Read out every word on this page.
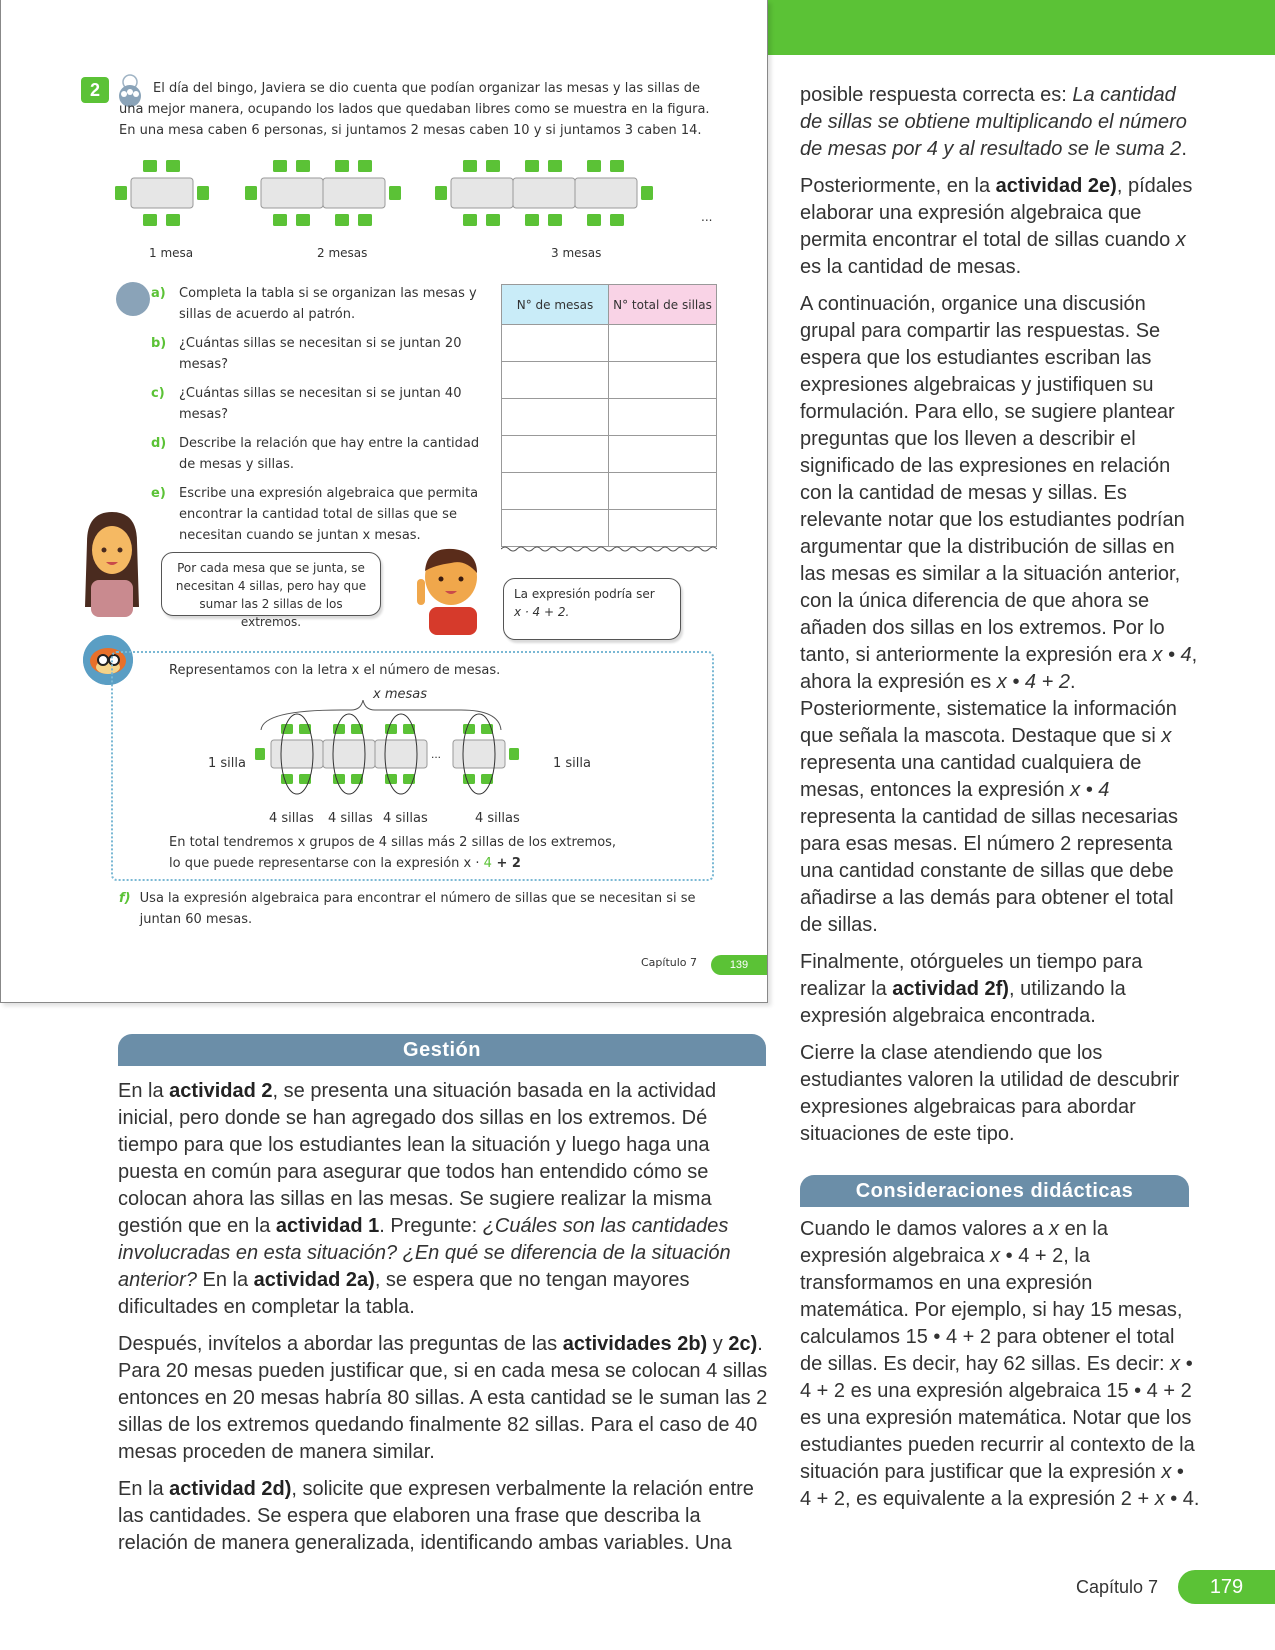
2	El día del bingo, Javiera se dio cuenta que podían organizar las mesas y las sillas de una mejor manera, ocupando los lados que quedaban libres como se muestra en la figura. En una mesa caben 6 personas, si juntamos 2 mesas caben 10 y si juntamos 3 caben 14.

1 mesa	2 mesas	3 mesas
...
a)	Completa la tabla si se organizan las mesas y sillas de acuerdo al patrón.
b) ¿Cuántas sillas se necesitan si se juntan 20 mesas?
c)	¿Cuántas sillas se necesitan si se juntan 40 mesas?
d) Describe la relación que hay entre la cantidad de mesas y sillas.
e)	Escribe una expresión algebraica que permita encontrar la cantidad total de sillas que se necesitan cuando se juntan x mesas.
N° de mesas	N° total de sillas

Por cada mesa que se junta, se necesitan 4 sillas, pero hay que sumar las 2 sillas de los extremos.
La expresión podría ser
x · 4 + 2.
Representamos con la letra x el número de mesas.
x mesas
...
1 silla	1 silla
4 sillas 4 sillas 4 sillas	4 sillas
En total tendremos x grupos de 4 sillas más 2 sillas de los extremos,
lo que puede representarse con la expresión x · 4 + 2
f) Usa la expresión algebraica para encontrar el número de sillas que se necesitan si se juntan 60 mesas.
Capítulo 7	139
Gestión

En la actividad 2, se presenta una situación basada en la actividad inicial, pero donde se han agregado dos sillas en los extremos. Dé tiempo para que los estudiantes lean la situación y luego haga una puesta en común para asegurar que todos han entendido cómo se colocan ahora las sillas en las mesas. Se sugiere realizar la misma gestión que en la actividad 1. Pregunte: ¿Cuáles son las cantidades involucradas en esta situación? ¿En qué se diferencia de la situación anterior? En la actividad 2a), se espera que no tengan mayores dificultades en completar la tabla.

Después, invítelos a abordar las preguntas de las actividades 2b) y 2c). Para 20 mesas pueden justificar que, si en cada mesa se colocan 4 sillas entonces en 20 mesas habría 80 sillas. A esta cantidad se le suman las 2 sillas de los extremos quedando finalmente 82 sillas. Para el caso de 40 mesas proceden de manera similar.

En la actividad 2d), solicite que expresen verbalmente la relación entre las cantidades. Se espera que elaboren una frase que describa la relación de manera generalizada, identificando ambas variables. Una

posible respuesta correcta es: La cantidad de sillas se obtiene multiplicando el número de mesas por 4 y al resultado se le suma 2.

Posteriormente, en la actividad 2e), pídales elaborar una expresión algebraica que permita encontrar el total de sillas cuando x es la cantidad de mesas.

A continuación, organice una discusión grupal para compartir las respuestas. Se espera que los estudiantes escriban las expresiones algebraicas y justifiquen su formulación. Para ello, se sugiere plantear preguntas que los lleven a describir el significado de las expresiones en relación con la cantidad de mesas y sillas. Es relevante notar que los estudiantes podrían argumentar que la distribución de sillas en las mesas es similar a la situación anterior, con la única diferencia de que ahora se añaden dos sillas en los extremos. Por lo tanto, si anteriormente la expresión era x • 4, ahora la expresión es x • 4 + 2. Posteriormente, sistematice la información que señala la mascota. Destaque que si x representa una cantidad cualquiera de mesas, entonces la expresión x • 4 representa la cantidad de sillas necesarias para esas mesas. El número 2 representa una cantidad constante de sillas que debe añadirse a las demás para obtener el total de sillas.

Finalmente, otórgueles un tiempo para realizar la actividad 2f), utilizando la expresión algebraica encontrada.

Cierre la clase atendiendo que los estudiantes valoren la utilidad de descubrir expresiones algebraicas para abordar situaciones de este tipo.

Consideraciones didácticas

Cuando le damos valores a x en la expresión algebraica x • 4 + 2, la transformamos en una expresión matemática. Por ejemplo, si hay 15 mesas, calculamos 15 • 4 + 2 para obtener el total de sillas. Es decir, hay 62 sillas. Es decir: x • 4 + 2 es una expresión algebraica 15 • 4 + 2 es una expresión matemática. Notar que los estudiantes pueden recurrir al contexto de la situación para justificar que la expresión x • 4 + 2, es equivalente a la expresión 2 + x • 4.

Capítulo 7	179
